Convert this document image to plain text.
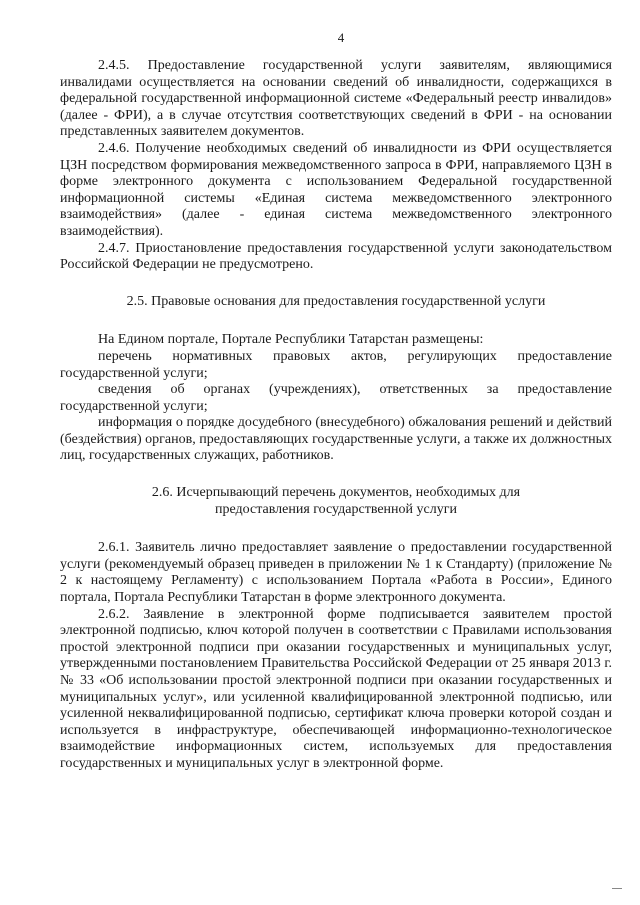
4

2.4.5. Предоставление государственной услуги заявителям, являющимися инвалидами осуществляется на основании сведений об инвалидности, содержащихся в федеральной государственной информационной системе «Федеральный реестр инвалидов» (далее - ФРИ), а в случае отсутствия соответствующих сведений в ФРИ - на основании представленных заявителем документов.

2.4.6. Получение необходимых сведений об инвалидности из ФРИ осуществляется ЦЗН посредством формирования межведомственного запроса в ФРИ, направляемого ЦЗН в форме электронного документа с использованием Федеральной государственной информационной системы «Единая система межведомственного электронного взаимодействия» (далее - единая система межведомственного электронного взаимодействия).

2.4.7. Приостановление предоставления государственной услуги законодательством Российской Федерации не предусмотрено.

2.5. Правовые основания для предоставления государственной услуги

На Едином портале, Портале Республики Татарстан размещены:

перечень нормативных правовых актов, регулирующих предоставление государственной услуги;

сведения об органах (учреждениях), ответственных за предоставление государственной услуги;

информация о порядке досудебного (внесудебного) обжалования решений и действий (бездействия) органов, предоставляющих государственные услуги, а также их должностных лиц, государственных служащих, работников.

2.6. Исчерпывающий перечень документов, необходимых для
предоставления государственной услуги

2.6.1. Заявитель лично предоставляет заявление о предоставлении государственной услуги (рекомендуемый образец приведен в приложении № 1 к Стандарту) (приложение № 2 к настоящему Регламенту) с использованием Портала «Работа в России», Единого портала, Портала Республики Татарстан в форме электронного документа.

2.6.2. Заявление в электронной форме подписывается заявителем простой электронной подписью, ключ которой получен в соответствии с Правилами использования простой электронной подписи при оказании государственных и муниципальных услуг, утвержденными постановлением Правительства Российской Федерации от 25 января 2013 г. № 33 «Об использовании простой электронной подписи при оказании государственных и муниципальных услуг», или усиленной квалифицированной электронной подписью, или усиленной неквалифицированной подписью, сертификат ключа проверки которой создан и используется в инфраструктуре, обеспечивающей информационно-технологическое взаимодействие информационных систем, используемых для предоставления государственных и муниципальных услуг в электронной форме.
